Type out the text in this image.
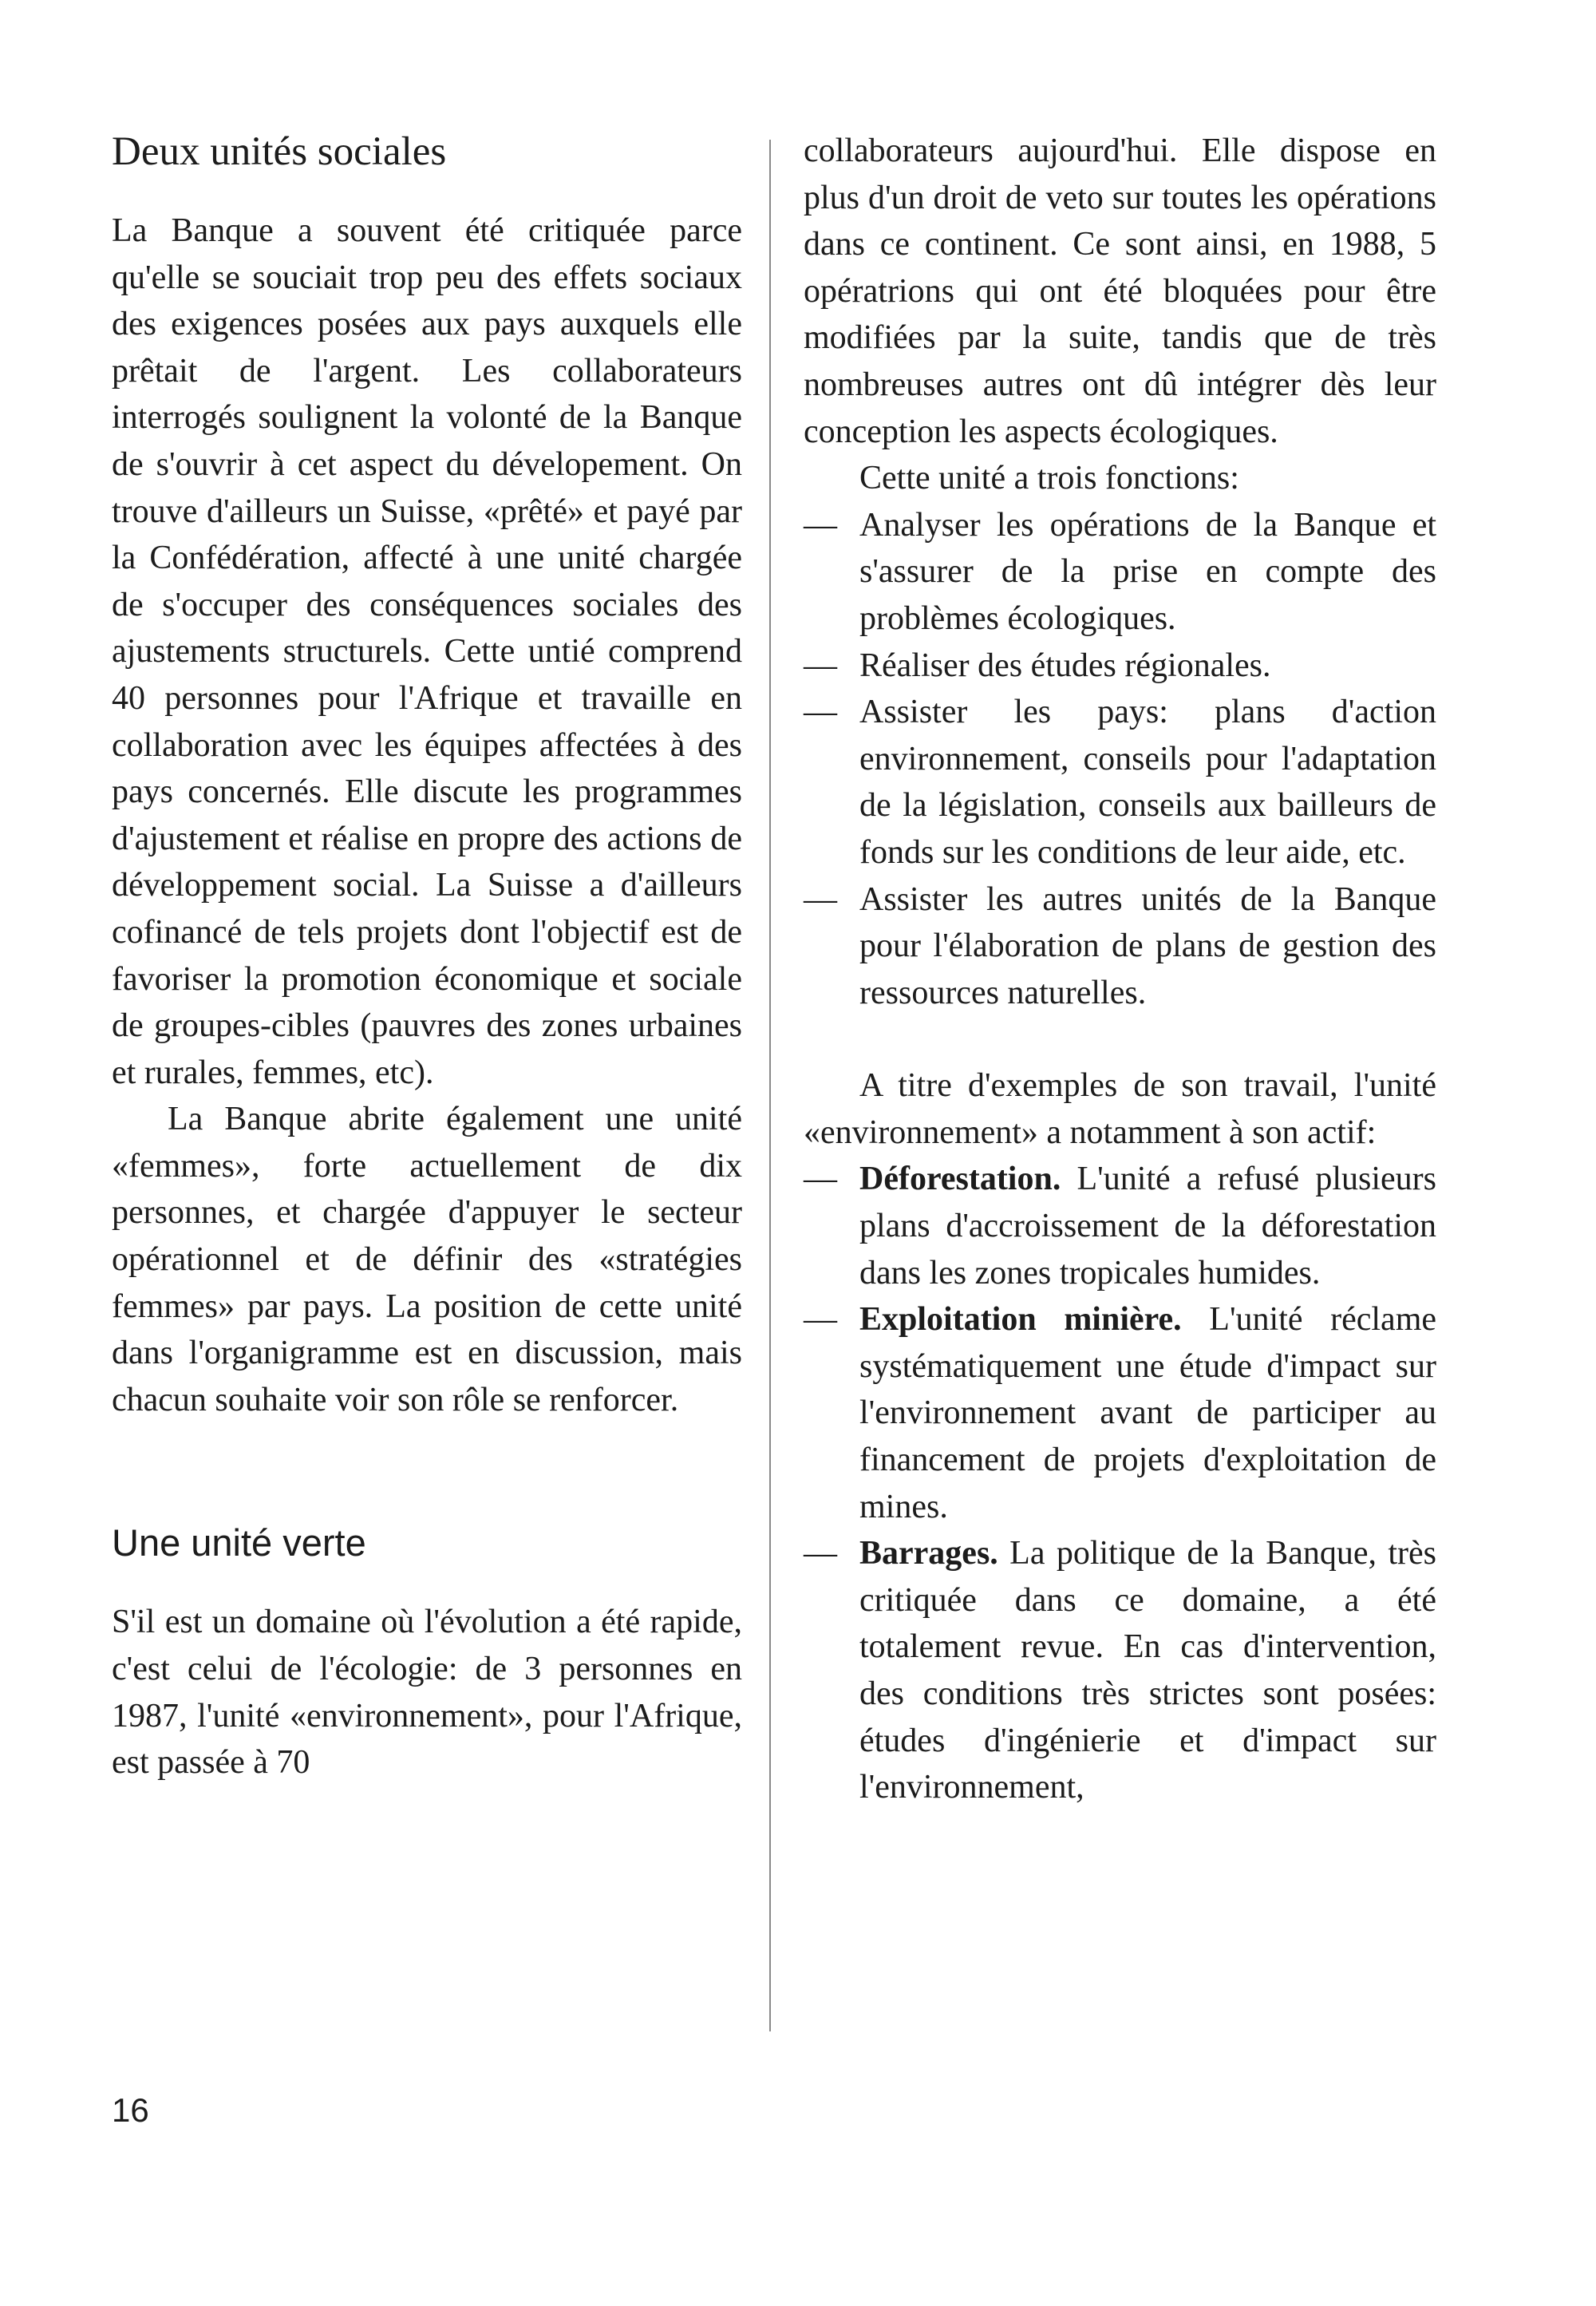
Deux unités sociales

La Banque a souvent été critiquée parce qu'elle se souciait trop peu des effets sociaux des exigences posées aux pays auxquels elle prêtait de l'argent. Les collaborateurs interrogés soulignent la volonté de la Banque de s'ouvrir à cet aspect du dévelopement. On trouve d'ailleurs un Suisse, «prêté» et payé par la Confédération, affecté à une unité chargée de s'occuper des conséquences sociales des ajustements structurels. Cette untié comprend 40 personnes pour l'Afrique et travaille en collaboration avec les équipes affectées à des pays concernés. Elle discute les programmes d'ajustement et réalise en propre des actions de développement social. La Suisse a d'ailleurs cofinancé de tels projets dont l'objectif est de favoriser la promotion économique et sociale de groupes-cibles (pauvres des zones urbaines et rurales, femmes, etc).

La Banque abrite également une unité «femmes», forte actuellement de dix personnes, et chargée d'appuyer le secteur opérationnel et de définir des «stratégies femmes» par pays. La position de cette unité dans l'organigramme est en discussion, mais chacun souhaite voir son rôle se renforcer.

Une unité verte

S'il est un domaine où l'évolution a été rapide, c'est celui de l'écologie: de 3 personnes en 1987, l'unité «environnement», pour l'Afrique, est passée à 70

collaborateurs aujourd'hui. Elle dispose en plus d'un droit de veto sur toutes les opérations dans ce continent. Ce sont ainsi, en 1988, 5 opératrions qui ont été bloquées pour être modifiées par la suite, tandis que de très nombreuses autres ont dû intégrer dès leur conception les aspects écologiques.

Cette unité a trois fonctions:

— Analyser les opérations de la Banque et s'assurer de la prise en compte des problèmes écologiques.
— Réaliser des études régionales.
— Assister les pays: plans d'action environnement, conseils pour l'adaptation de la législation, conseils aux bailleurs de fonds sur les conditions de leur aide, etc.
— Assister les autres unités de la Banque pour l'élaboration de plans de gestion des ressources naturelles.

A titre d'exemples de son travail, l'unité «environnement» a notamment à son actif:

— Déforestation. L'unité a refusé plusieurs plans d'accroissement de la déforestation dans les zones tropicales humides.
— Exploitation minière. L'unité réclame systématiquement une étude d'impact sur l'environnement avant de participer au financement de projets d'exploitation de mines.
— Barrages. La politique de la Banque, très critiquée dans ce domaine, a été totalement revue. En cas d'intervention, des conditions très strictes sont posées: études d'ingénierie et d'impact sur l'environnement,
16
